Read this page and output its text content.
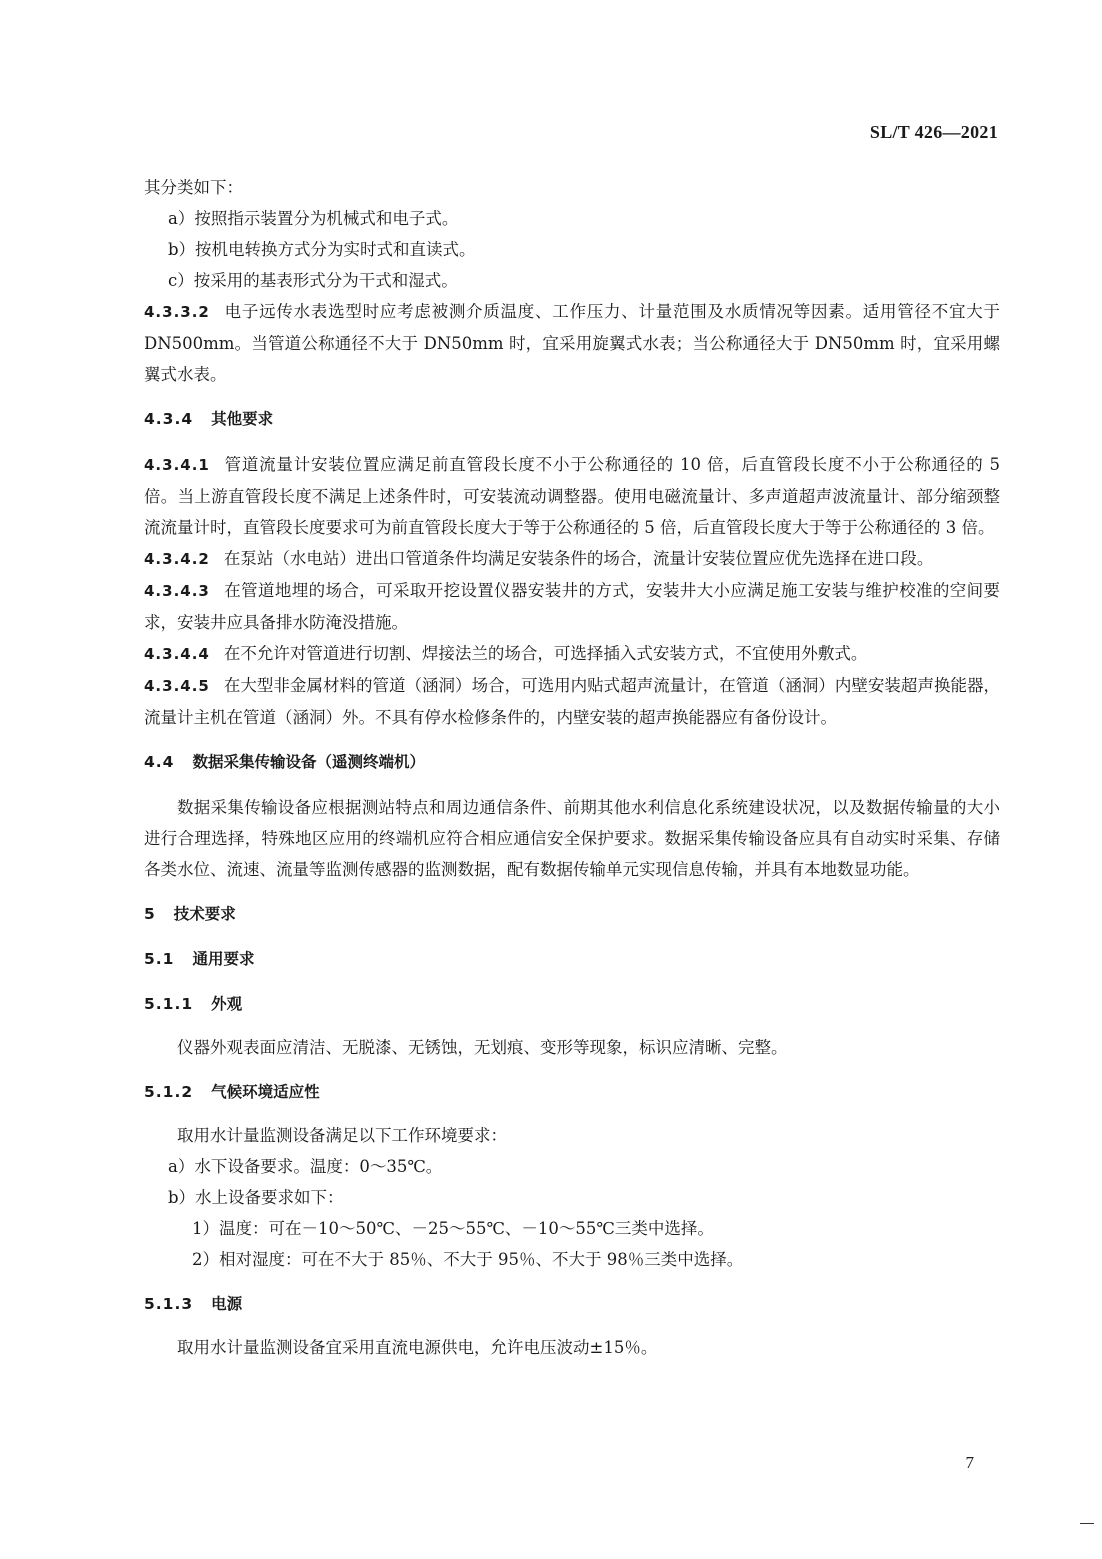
SL/T 426—2021

其分类如下：

a）按照指示装置分为机械式和电子式。

b）按机电转换方式分为实时式和直读式。

c）按采用的基表形式分为干式和湿式。

4.3.3.2 电子远传水表选型时应考虑被测介质温度、工作压力、计量范围及水质情况等因素。适用管径不宜大于 DN500mm。当管道公称通径不大于 DN50mm 时，宜采用旋翼式水表；当公称通径大于 DN50mm 时，宜采用螺翼式水表。

4.3.4 其他要求

4.3.4.1 管道流量计安装位置应满足前直管段长度不小于公称通径的 10 倍，后直管段长度不小于公称通径的 5 倍。当上游直管段长度不满足上述条件时，可安装流动调整器。使用电磁流量计、多声道超声波流量计、部分缩颈整流流量计时，直管段长度要求可为前直管段长度大于等于公称通径的 5 倍，后直管段长度大于等于公称通径的 3 倍。

4.3.4.2 在泵站（水电站）进出口管道条件均满足安装条件的场合，流量计安装位置应优先选择在进口段。

4.3.4.3 在管道地埋的场合，可采取开挖设置仪器安装井的方式，安装井大小应满足施工安装与维护校准的空间要求，安装井应具备排水防淹没措施。

4.3.4.4 在不允许对管道进行切割、焊接法兰的场合，可选择插入式安装方式，不宜使用外敷式。

4.3.4.5 在大型非金属材料的管道（涵洞）场合，可选用内贴式超声流量计，在管道（涵洞）内壁安装超声换能器，流量计主机在管道（涵洞）外。不具有停水检修条件的，内壁安装的超声换能器应有备份设计。

4.4 数据采集传输设备（遥测终端机）

数据采集传输设备应根据测站特点和周边通信条件、前期其他水利信息化系统建设状况，以及数据传输量的大小进行合理选择，特殊地区应用的终端机应符合相应通信安全保护要求。数据采集传输设备应具有自动实时采集、存储各类水位、流速、流量等监测传感器的监测数据，配有数据传输单元实现信息传输，并具有本地数显功能。

5 技术要求

5.1 通用要求

5.1.1 外观

仪器外观表面应清洁、无脱漆、无锈蚀，无划痕、变形等现象，标识应清晰、完整。

5.1.2 气候环境适应性

取用水计量监测设备满足以下工作环境要求：

a）水下设备要求。温度：0～35℃。

b）水上设备要求如下：

1）温度：可在－10～50℃、－25～55℃、－10～55℃三类中选择。

2）相对湿度：可在不大于 85％、不大于 95％、不大于 98％三类中选择。

5.1.3 电源

取用水计量监测设备宜采用直流电源供电，允许电压波动±15％。

7
